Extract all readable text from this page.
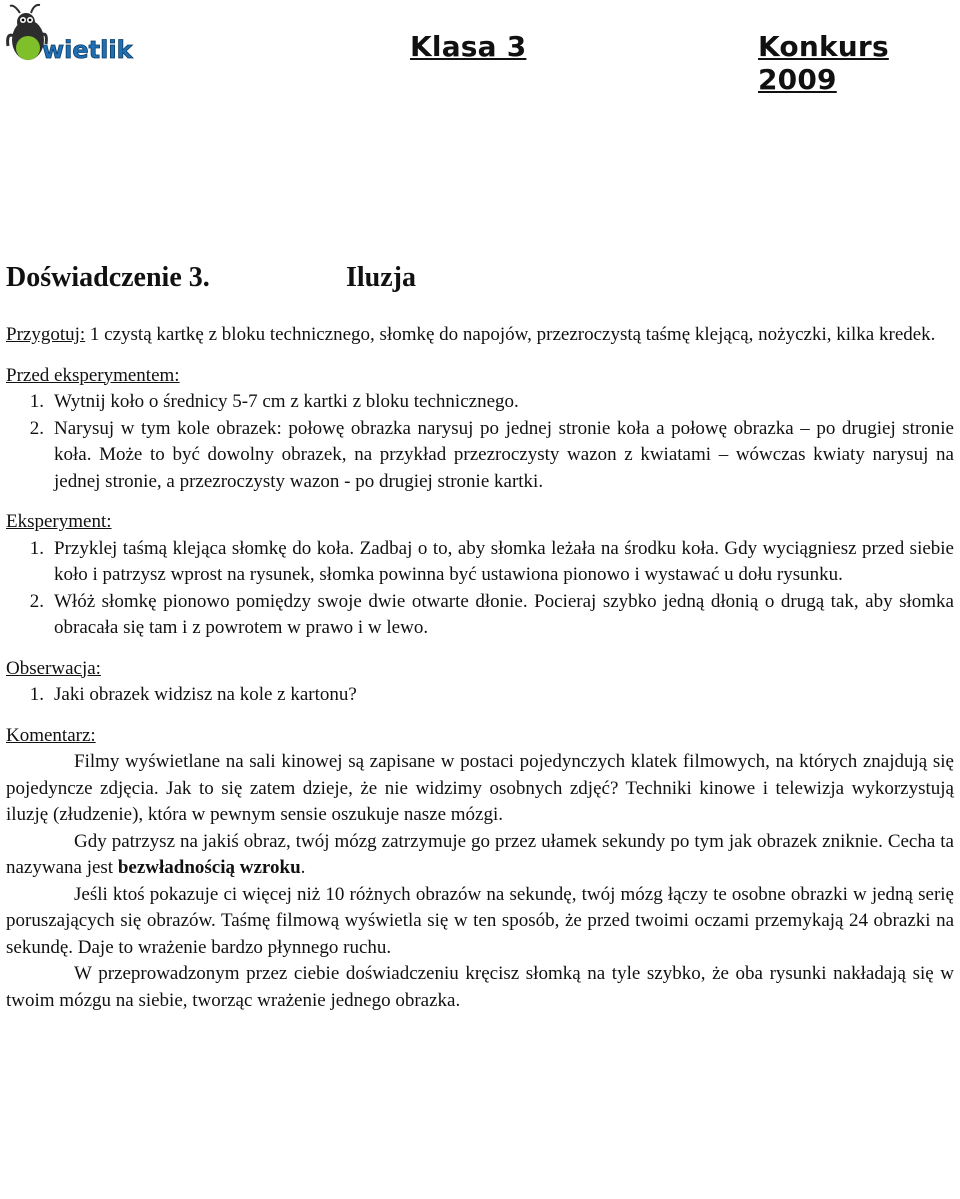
wietlik	Klasa 3	Konkurs 2009
Doświadczenie 3.	Iluzja

Przygotuj: 1 czystą kartkę z bloku technicznego, słomkę do napojów, przezroczystą taśmę klejącą, nożyczki, kilka kredek.

Przed eksperymentem:

1. Wytnij koło o średnicy 5-7 cm z kartki z bloku technicznego.
2. Narysuj w tym kole obrazek: połowę obrazka narysuj po jednej stronie koła a połowę obrazka – po drugiej stronie koła. Może to być dowolny obrazek, na przykład przezroczysty wazon z kwiatami – wówczas kwiaty narysuj na jednej stronie, a przezroczysty wazon - po drugiej stronie kartki.

Eksperyment:

1. Przyklej taśmą klejąca słomkę do koła. Zadbaj o to, aby słomka leżała na środku koła. Gdy wyciągniesz przed siebie koło i patrzysz wprost na rysunek, słomka powinna być ustawiona pionowo i wystawać u dołu rysunku.
2. Włóż słomkę pionowo pomiędzy swoje dwie otwarte dłonie. Pocieraj szybko jedną dłonią o drugą tak, aby słomka obracała się tam i z powrotem w prawo i w lewo.

Obserwacja:

1. Jaki obrazek widzisz na kole z kartonu?

Komentarz:

Filmy wyświetlane na sali kinowej są zapisane w postaci pojedynczych klatek filmowych, na których znajdują się pojedyncze zdjęcia. Jak to się zatem dzieje, że nie widzimy osobnych zdjęć? Techniki kinowe i telewizja wykorzystują iluzję (złudzenie), która w pewnym sensie oszukuje nasze mózgi.

Gdy patrzysz na jakiś obraz, twój mózg zatrzymuje go przez ułamek sekundy po tym jak obrazek zniknie. Cecha ta nazywana jest bezwładnością wzroku.

Jeśli ktoś pokazuje ci więcej niż 10 różnych obrazów na sekundę, twój mózg łączy te osobne obrazki w jedną serię poruszających się obrazów. Taśmę filmową wyświetla się w ten sposób, że przed twoimi oczami przemykają 24 obrazki na sekundę. Daje to wrażenie bardzo płynnego ruchu.

W przeprowadzonym przez ciebie doświadczeniu kręcisz słomką na tyle szybko, że oba rysunki nakładają się w twoim mózgu na siebie, tworząc wrażenie jednego obrazka.
